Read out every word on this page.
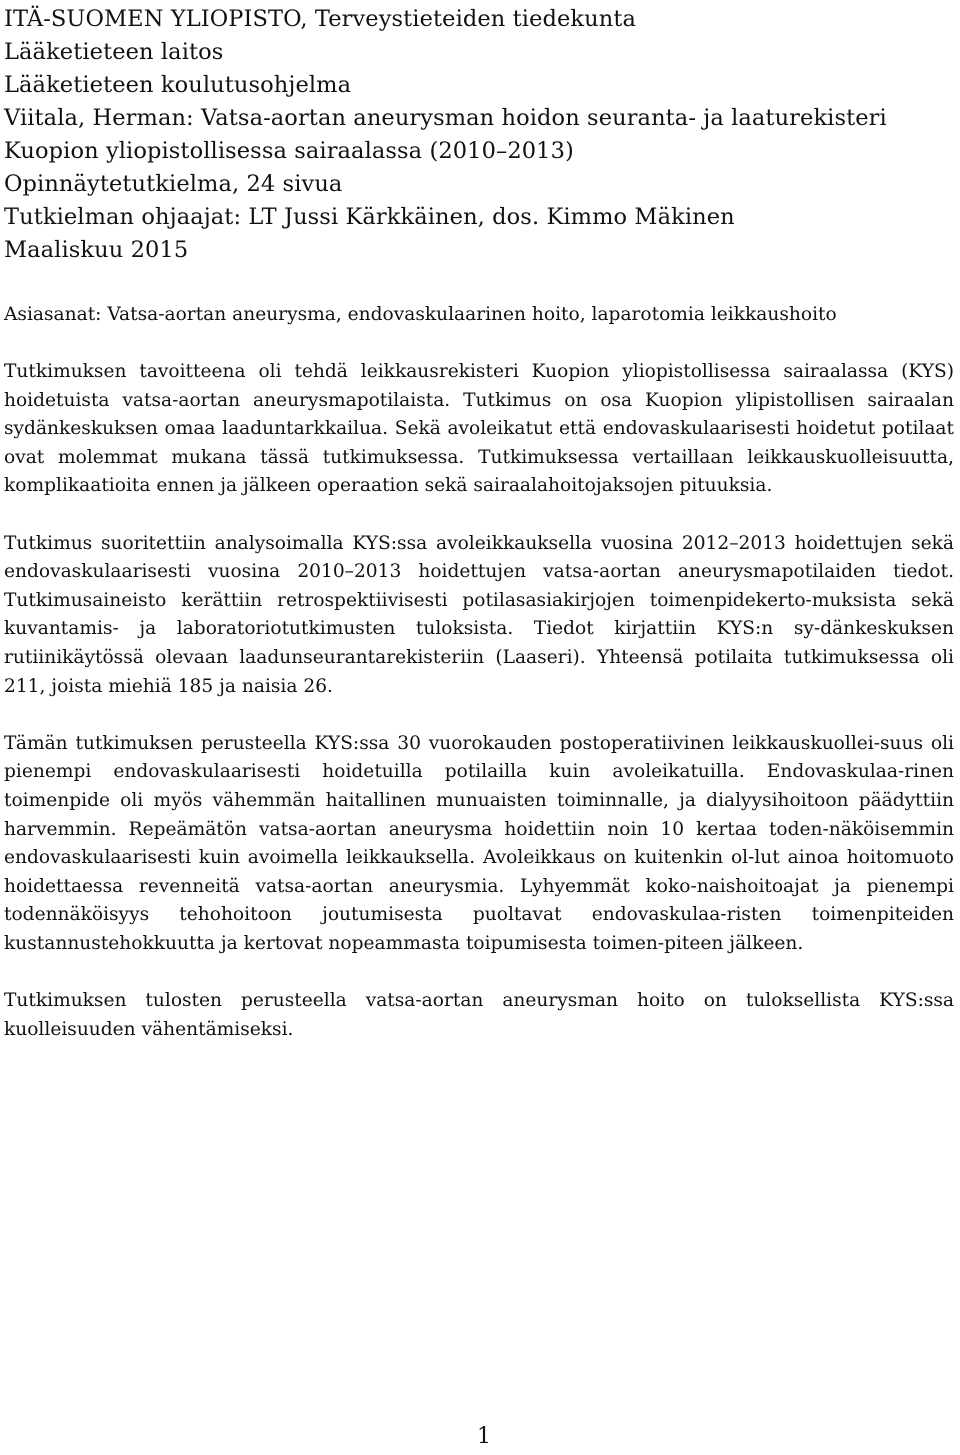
ITÄ-SUOMEN YLIOPISTO, Terveystieteiden tiedekunta
Lääketieteen laitos
Lääketieteen koulutusohjelma
Viitala, Herman: Vatsa-aortan aneurysman hoidon seuranta- ja laaturekisteri
Kuopion yliopistollisessa sairaalassa (2010–2013)
Opinnäytetutkielma, 24 sivua
Tutkielman ohjaajat: LT Jussi Kärkkäinen, dos. Kimmo Mäkinen
Maaliskuu 2015
Asiasanat: Vatsa-aortan aneurysma, endovaskulaarinen hoito, laparotomia leikkaushoito

Tutkimuksen tavoitteena oli tehdä leikkausrekisteri Kuopion yliopistollisessa sairaalassa (KYS) hoidetuista vatsa-aortan aneurysmapotilaista. Tutkimus on osa Kuopion ylipistollisen sairaalan sydänkeskuksen omaa laaduntarkkailua. Sekä avoleikatut että endovaskulaarisesti hoidetut potilaat ovat molemmat mukana tässä tutkimuksessa. Tutkimuksessa vertaillaan leikkauskuolleisuutta, komplikaatioita ennen ja jälkeen operaation sekä sairaalahoitojaksojen pituuksia.

Tutkimus suoritettiin analysoimalla KYS:ssa avoleikkauksella vuosina 2012–2013 hoidettujen sekä endovaskulaarisesti vuosina 2010–2013 hoidettujen vatsa-aortan aneurysmapotilaiden tiedot. Tutkimusaineisto kerättiin retrospektiivisesti potilasasiakirjojen toimenpidekerto-muksista sekä kuvantamis- ja laboratoriotutkimusten tuloksista. Tiedot kirjattiin KYS:n sy-dänkeskuksen rutiinikäytössä olevaan laadunseurantarekisteriin (Laaseri). Yhteensä potilaita tutkimuksessa oli 211, joista miehiä 185 ja naisia 26.

Tämän tutkimuksen perusteella KYS:ssa 30 vuorokauden postoperatiivinen leikkauskuollei-suus oli pienempi endovaskulaarisesti hoidetuilla potilailla kuin avoleikatuilla. Endovaskulaa-rinen toimenpide oli myös vähemmän haitallinen munuaisten toiminnalle, ja dialyysihoitoon päädyttiin harvemmin. Repeämätön vatsa-aortan aneurysma hoidettiin noin 10 kertaa toden-näköisemmin endovaskulaarisesti kuin avoimella leikkauksella. Avoleikkaus on kuitenkin ol-lut ainoa hoitomuoto hoidettaessa revenneitä vatsa-aortan aneurysmia. Lyhyemmät koko-naishoitoajat ja pienempi todennäköisyys tehohoitoon joutumisesta puoltavat endovaskulaa-risten toimenpiteiden kustannustehokkuutta ja kertovat nopeammasta toipumisesta toimen-piteen jälkeen.

Tutkimuksen tulosten perusteella vatsa-aortan aneurysman hoito on tuloksellista KYS:ssa kuolleisuuden vähentämiseksi.

1
